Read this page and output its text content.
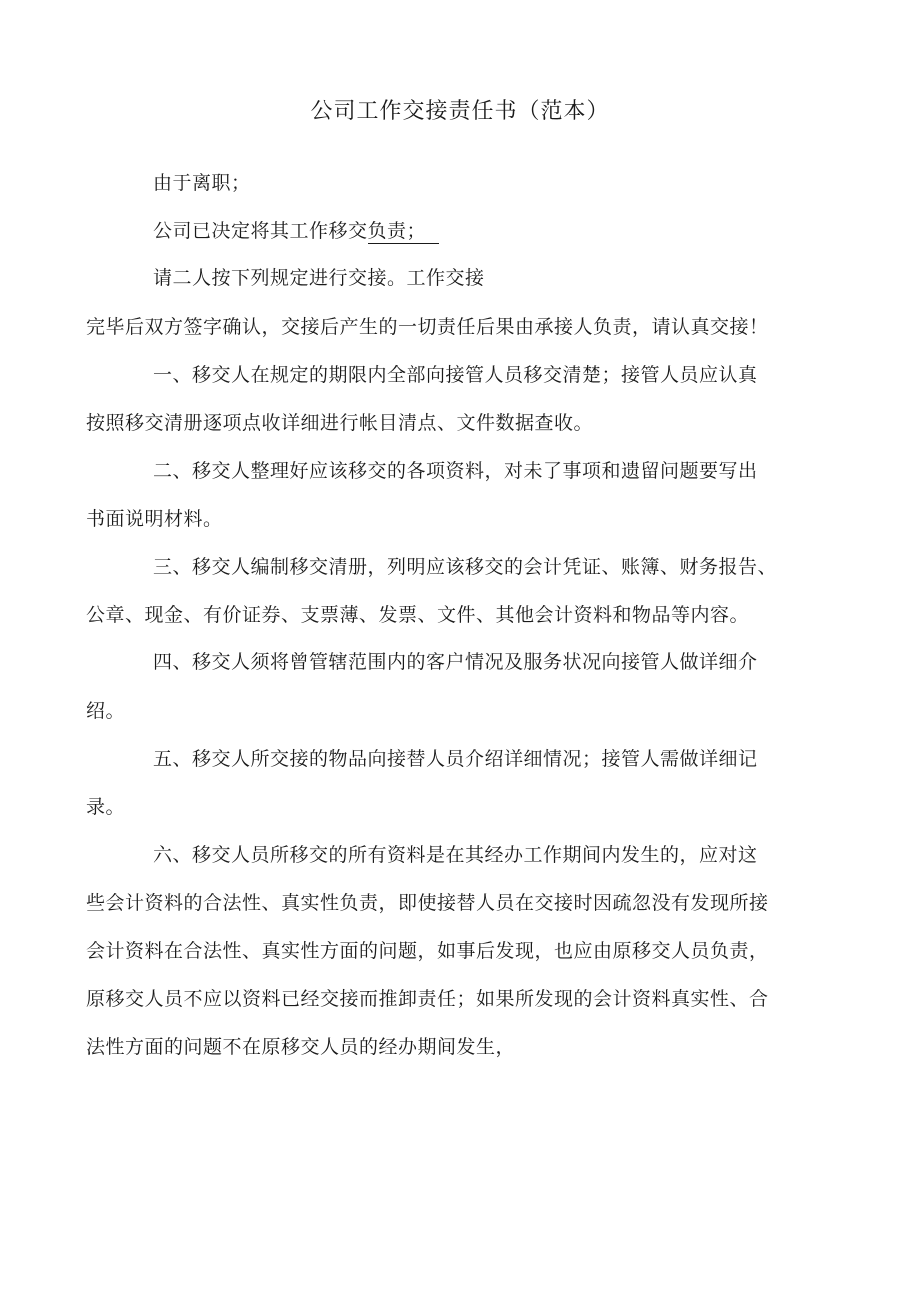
公司工作交接责任书（范本）
由于离职；
公司已决定将其工作移交负责；
请二人按下列规定进行交接。工作交接
完毕后双方签字确认，交接后产生的一切责任后果由承接人负责，请认真交接！
一、移交人在规定的期限内全部向接管人员移交清楚；接管人员应认真
按照移交清册逐项点收详细进行帐目清点、文件数据查收。
二、移交人整理好应该移交的各项资料，对未了事项和遗留问题要写出
书面说明材料。
三、移交人编制移交清册，列明应该移交的会计凭证、账簿、财务报告、
公章、现金、有价证券、支票薄、发票、文件、其他会计资料和物品等内容。
四、移交人须将曾管辖范围内的客户情况及服务状况向接管人做详细介
绍。
五、移交人所交接的物品向接替人员介绍详细情况；接管人需做详细记
录。
六、移交人员所移交的所有资料是在其经办工作期间内发生的，应对这
些会计资料的合法性、真实性负责，即使接替人员在交接时因疏忽没有发现所接
会计资料在合法性、真实性方面的问题，如事后发现，也应由原移交人员负责，
原移交人员不应以资料已经交接而推卸责任；如果所发现的会计资料真实性、合
法性方面的问题不在原移交人员的经办期间发生，
